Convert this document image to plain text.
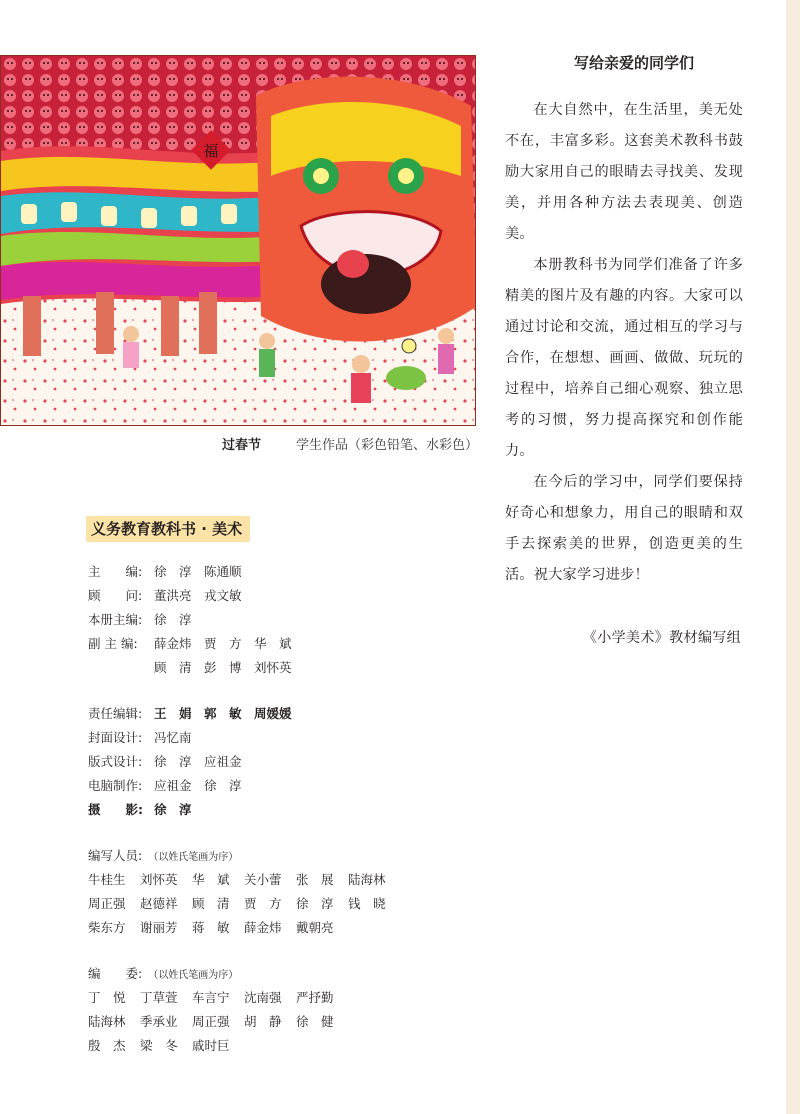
福
过春节	学生作品（彩色铅笔、水彩色）
写给亲爱的同学们

在大自然中，在生活里，美无处不在，丰富多彩。这套美术教科书鼓励大家用自己的眼睛去寻找美、发现美，并用各种方法去表现美、创造美。

本册教科书为同学们准备了许多精美的图片及有趣的内容。大家可以通过讨论和交流，通过相互的学习与合作，在想想、画画、做做、玩玩的过程中，培养自己细心观察、独立思考的习惯，努力提高探究和创作能力。

在今后的学习中，同学们要保持好奇心和想象力，用自己的眼睛和双手去探索美的世界，创造更美的生活。祝大家学习进步！

《小学美术》教材编写组

义务教育教科书 · 美术
主　　编: 徐　淳　陈通顺
顾　　问: 董洪亮　戎文敏
本册主编: 徐　淳
副 主 编: 薛金炜　贾　方　华　斌
顾　清　彭　博　刘怀英
责任编辑: 王　娟　郭　敏　周媛媛
封面设计: 冯忆南
版式设计: 徐　淳　应祖金
电脑制作: 应祖金　徐　淳
摄　　影: 徐　淳
编写人员: （以姓氏笔画为序）
牛桂生 刘怀英 华　斌 关小蕾 张　展 陆海林
周正强 赵德祥 顾　清 贾　方 徐　淳 钱　晓
柴东方 谢丽芳 蒋　敏 薛金炜 戴朝亮
编　　委: （以姓氏笔画为序）
丁　悦 丁草萱 车言宁 沈南强 严抒勤
陆海林 季承业 周正强 胡　静 徐　健
殷　杰 梁　冬 戚时巨
